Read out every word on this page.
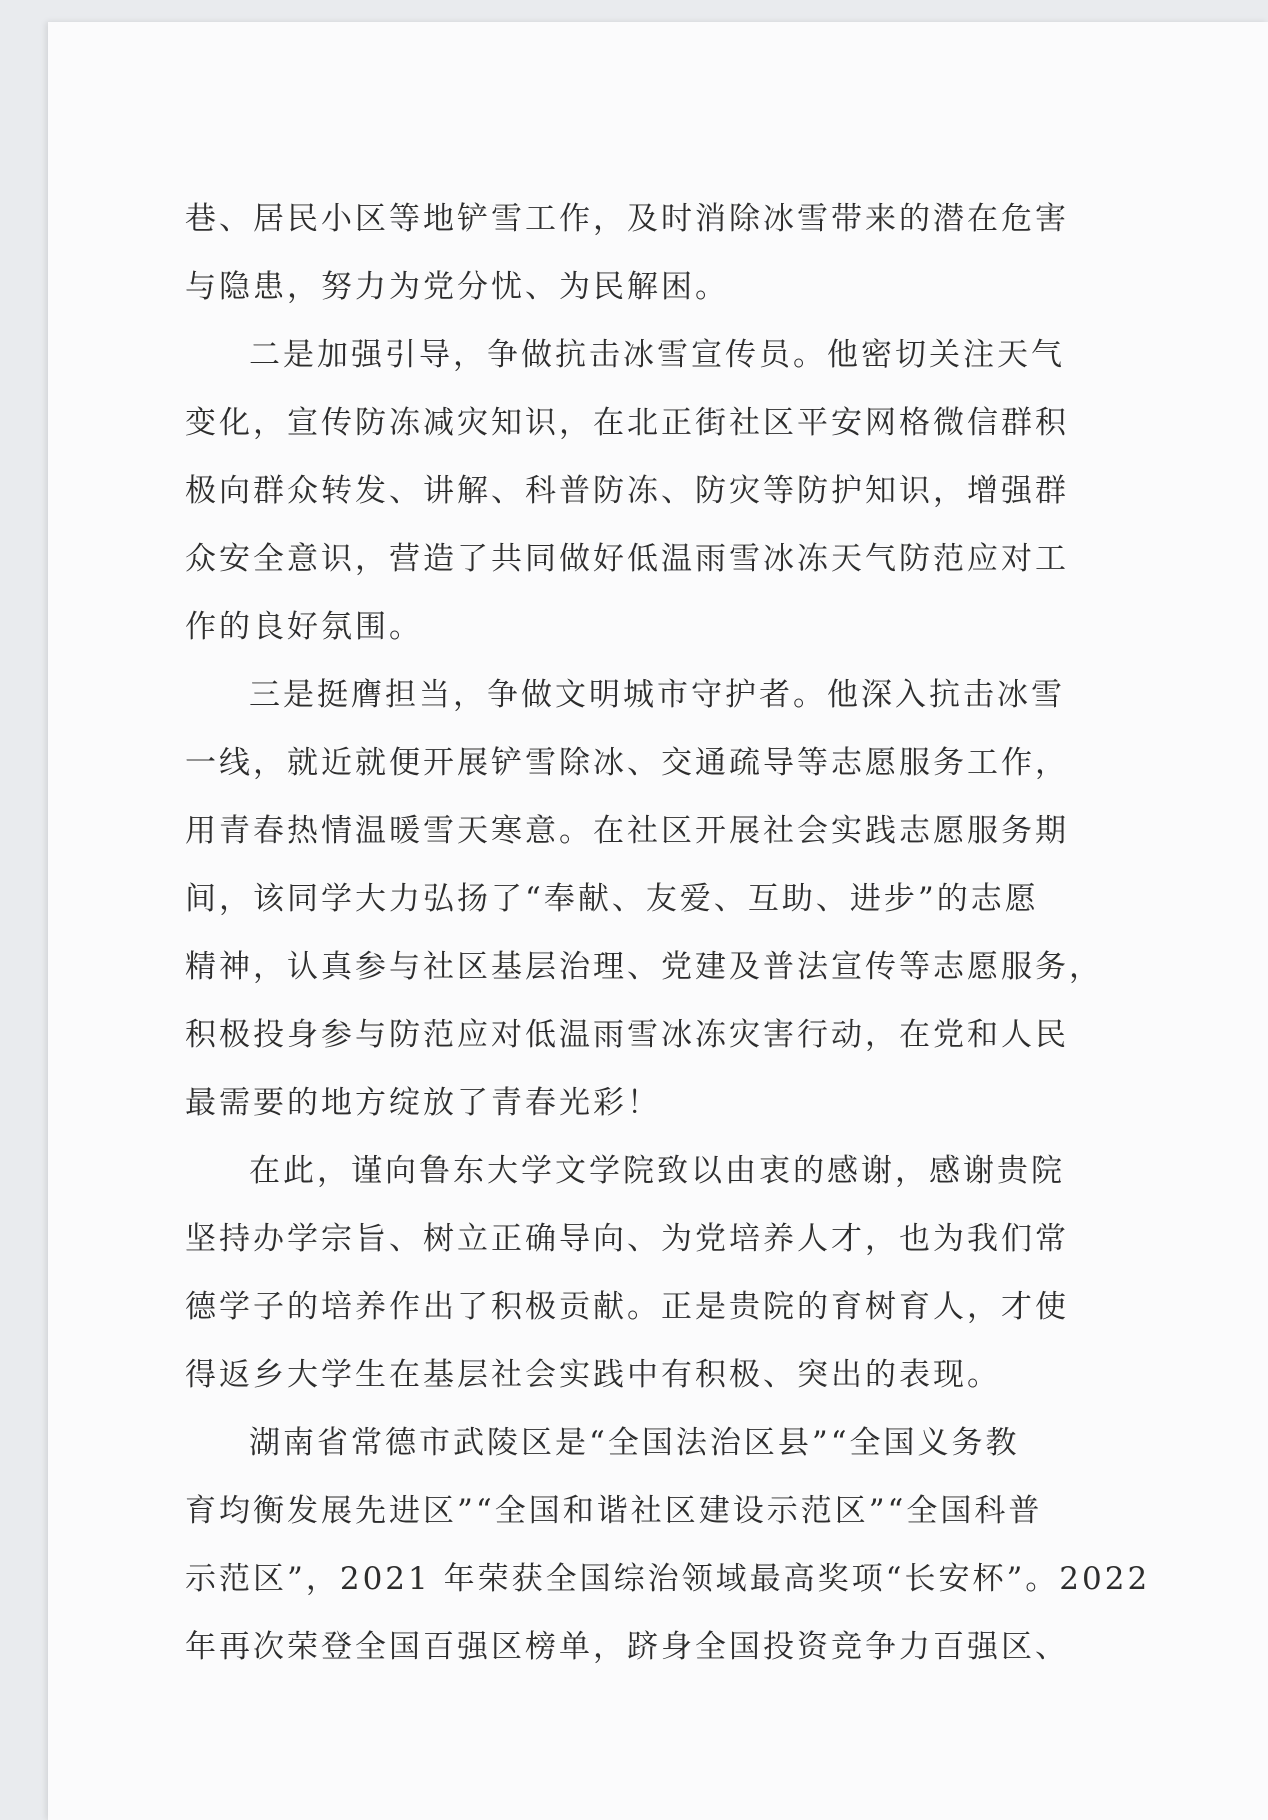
巷、居民小区等地铲雪工作，及时消除冰雪带来的潜在危害
与隐患，努力为党分忧、为民解困。
二是加强引导，争做抗击冰雪宣传员。他密切关注天气
变化，宣传防冻减灾知识，在北正街社区平安网格微信群积
极向群众转发、讲解、科普防冻、防灾等防护知识，增强群
众安全意识，营造了共同做好低温雨雪冰冻天气防范应对工
作的良好氛围。
三是挺膺担当，争做文明城市守护者。他深入抗击冰雪
一线，就近就便开展铲雪除冰、交通疏导等志愿服务工作，
用青春热情温暖雪天寒意。在社区开展社会实践志愿服务期
间，该同学大力弘扬了“奉献、友爱、互助、进步”的志愿
精神，认真参与社区基层治理、党建及普法宣传等志愿服务，
积极投身参与防范应对低温雨雪冰冻灾害行动，在党和人民
最需要的地方绽放了青春光彩！
在此，谨向鲁东大学文学院致以由衷的感谢，感谢贵院
坚持办学宗旨、树立正确导向、为党培养人才，也为我们常
德学子的培养作出了积极贡献。正是贵院的育树育人，才使
得返乡大学生在基层社会实践中有积极、突出的表现。
湖南省常德市武陵区是“全国法治区县”“全国义务教
育均衡发展先进区”“全国和谐社区建设示范区”“全国科普
示范区”，2021 年荣获全国综治领域最高奖项“长安杯”。2022
年再次荣登全国百强区榜单，跻身全国投资竞争力百强区、
